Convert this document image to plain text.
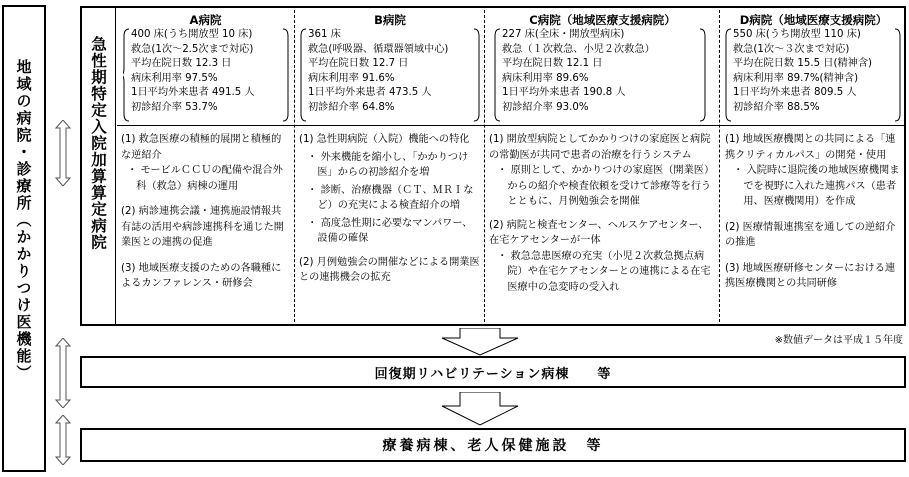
地域の病院・診療所（かかりつけ医機能）	急性期特定入院加算算定病院
A病院
400 床(うち開放型 10 床)
救急(1次〜2.5次まで対応)
平均在院日数 12.3 日
病床利用率 97.5%
1日平均外来患者 491.5 人
初診紹介率 53.7%

(1) 救急医療の積極的展開と積極的な逆紹介

・ モービルＣＣＵの配備や混合外科（救急）病棟の運用

(2) 病診連携会議・連携施設情報共有誌の活用や病診連携科を通じた開業医との連携の促進

(3) 地域医療支援のための各職種によるカンファレンス・研修会

B病院
361 床
救急(呼吸器、循環器領域中心)
平均在院日数 12.7 日
病床利用率 91.6%
1日平均外来患者 473.5 人
初診紹介率 64.8%

(1) 急性期病院（入院）機能への特化

・ 外来機能を縮小し、「かかりつけ医」からの初診紹介を増

・ 診断、治療機器（ＣＴ、ＭＲＩなど）の充実による検査紹介の増

・ 高度急性期に必要なマンパワー、設備の確保

(2) 月例勉強会の開催などによる開業医との連携機会の拡充

C病院（地域医療支援病院）
227 床(全床・開放型病床)
救急（１次救急、小児２次救急）
平均在院日数 12.1 日
病床利用率 89.6%
1日平均外来患者 190.8 人
初診紹介率 93.0%

(1) 開放型病院としてかかりつけの家庭医と病院の常勤医が共同で患者の治療を行うシステム

・ 原則として、かかりつけの家庭医（開業医）からの紹介や検査依頼を受けて診療等を行うとともに、月例勉強会を開催

(2) 病院と検査センター、ヘルスケアセンター、在宅ケアセンターが一体

・ 救急急患医療の充実（小児２次救急拠点病院）や在宅ケアセンターとの連携による在宅医療中の急変時の受入れ

D病院（地域医療支援病院）
550 床(うち開放型 110 床)
救急(1次〜３次まで対応)
平均在院日数 15.5 日(精神含)
病床利用率 89.7%(精神含)
1日平均外来患者 809.5 人
初診紹介率 88.5%

(1) 地域医療機関との共同による「連携クリティカルパス」の開発・使用

・ 入院時に退院後の地域医療機関までを視野に入れた連携パス（患者用、医療機関用）を作成

(2) 医療情報連携室を通しての逆紹介の推進

(3) 地域医療研修センターにおける連携医療機関との共同研修

※数値データは平成１５年度
回復期リハビリテーション病棟　　等
療養病棟、老人保健施設　等
